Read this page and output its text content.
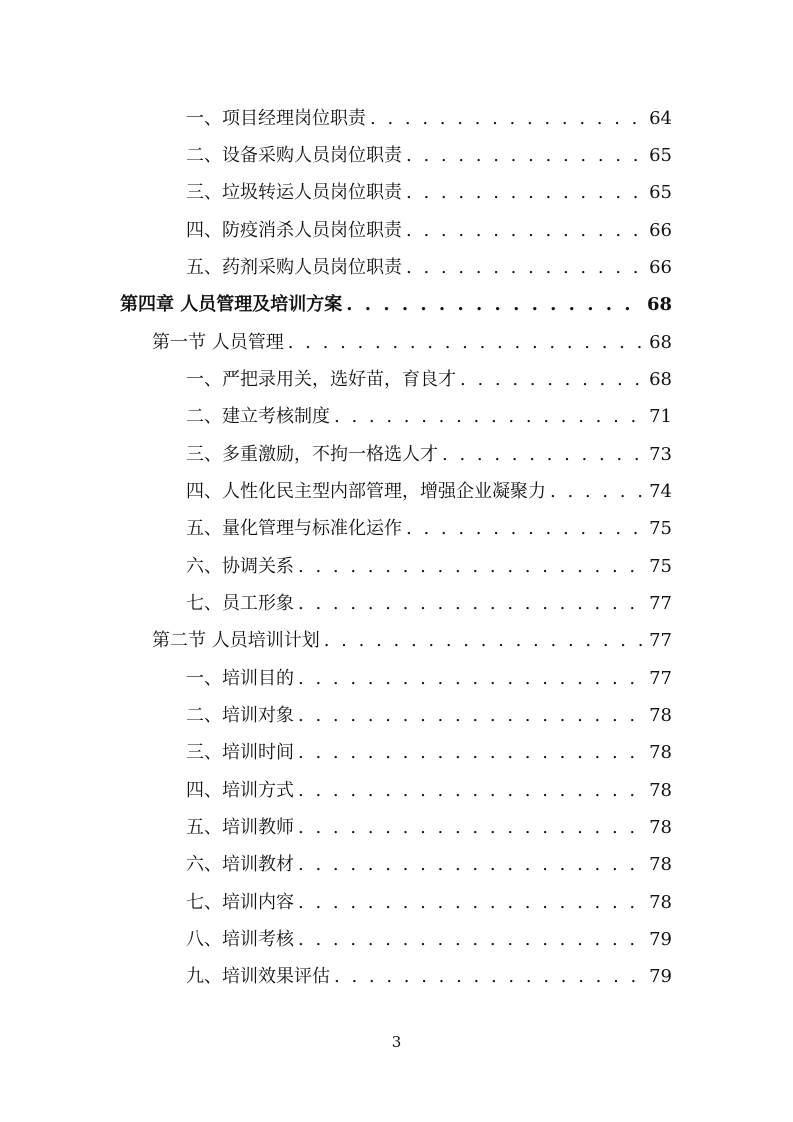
一、项目经理岗位职责 . . .	64
二、设备采购人员岗位职责 . . .	65
三、垃圾转运人员岗位职责 . . .	65
四、防疫消杀人员岗位职责 . . .	66
五、药剂采购人员岗位职责 . . .	66
第四章 人员管理及培训方案 . . .	68
第一节 人员管理 . . .	68
一、严把录用关，选好苗，育良才 . . .	68
二、建立考核制度 . . .	71
三、多重激励，不拘一格选人才 . . .	73
四、人性化民主型内部管理，增强企业凝聚力 . . .	74
五、量化管理与标准化运作 . . .	75
六、协调关系 . . .	75
七、员工形象 . . .	77
第二节 人员培训计划 . . .	77
一、培训目的 . . .	77
二、培训对象 . . .	78
三、培训时间 . . .	78
四、培训方式 . . .	78
五、培训教师 . . .	78
六、培训教材 . . .	78
七、培训内容 . . .	78
八、培训考核 . . .	79
九、培训效果评估 . . .	79
3
